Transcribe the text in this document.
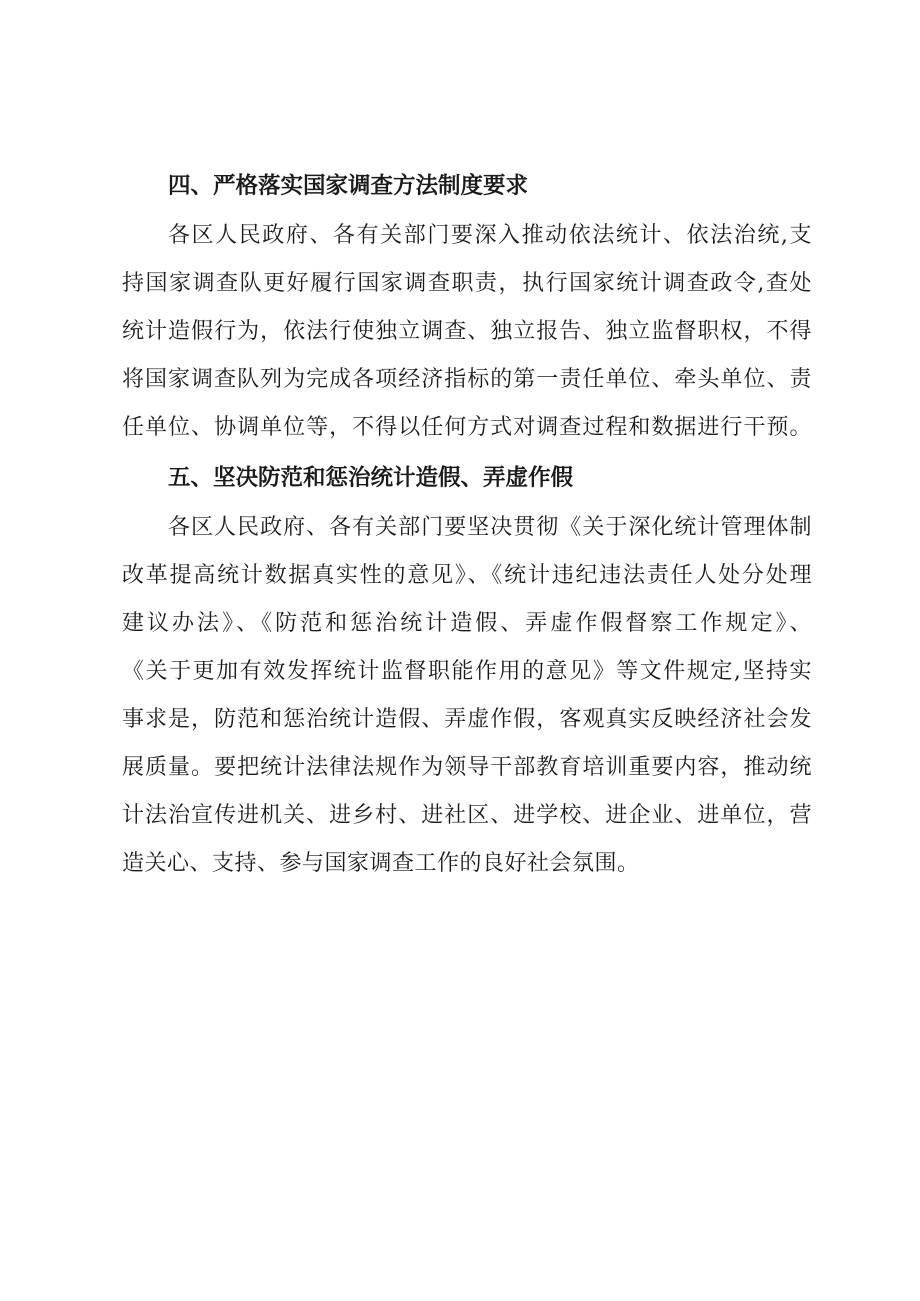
四、严格落实国家调查方法制度要求
各区人民政府、各有关部门要深入推动依法统计、依法治统,支
持国家调查队更好履行国家调查职责，执行国家统计调查政令,查处
统计造假行为，依法行使独立调查、独立报告、独立监督职权，不得
将国家调查队列为完成各项经济指标的第一责任单位、牵头单位、责
任单位、协调单位等，不得以任何方式对调查过程和数据进行干预。
五、坚决防范和惩治统计造假、弄虚作假
各区人民政府、各有关部门要坚决贯彻《关于深化统计管理体制
改革提高统计数据真实性的意见》、《统计违纪违法责任人处分处理
建议办法》、《防范和惩治统计造假、弄虚作假督察工作规定》、
《关于更加有效发挥统计监督职能作用的意见》等文件规定,坚持实
事求是，防范和惩治统计造假、弄虚作假，客观真实反映经济社会发
展质量。要把统计法律法规作为领导干部教育培训重要内容，推动统
计法治宣传进机关、进乡村、进社区、进学校、进企业、进单位，营
造关心、支持、参与国家调查工作的良好社会氛围。
